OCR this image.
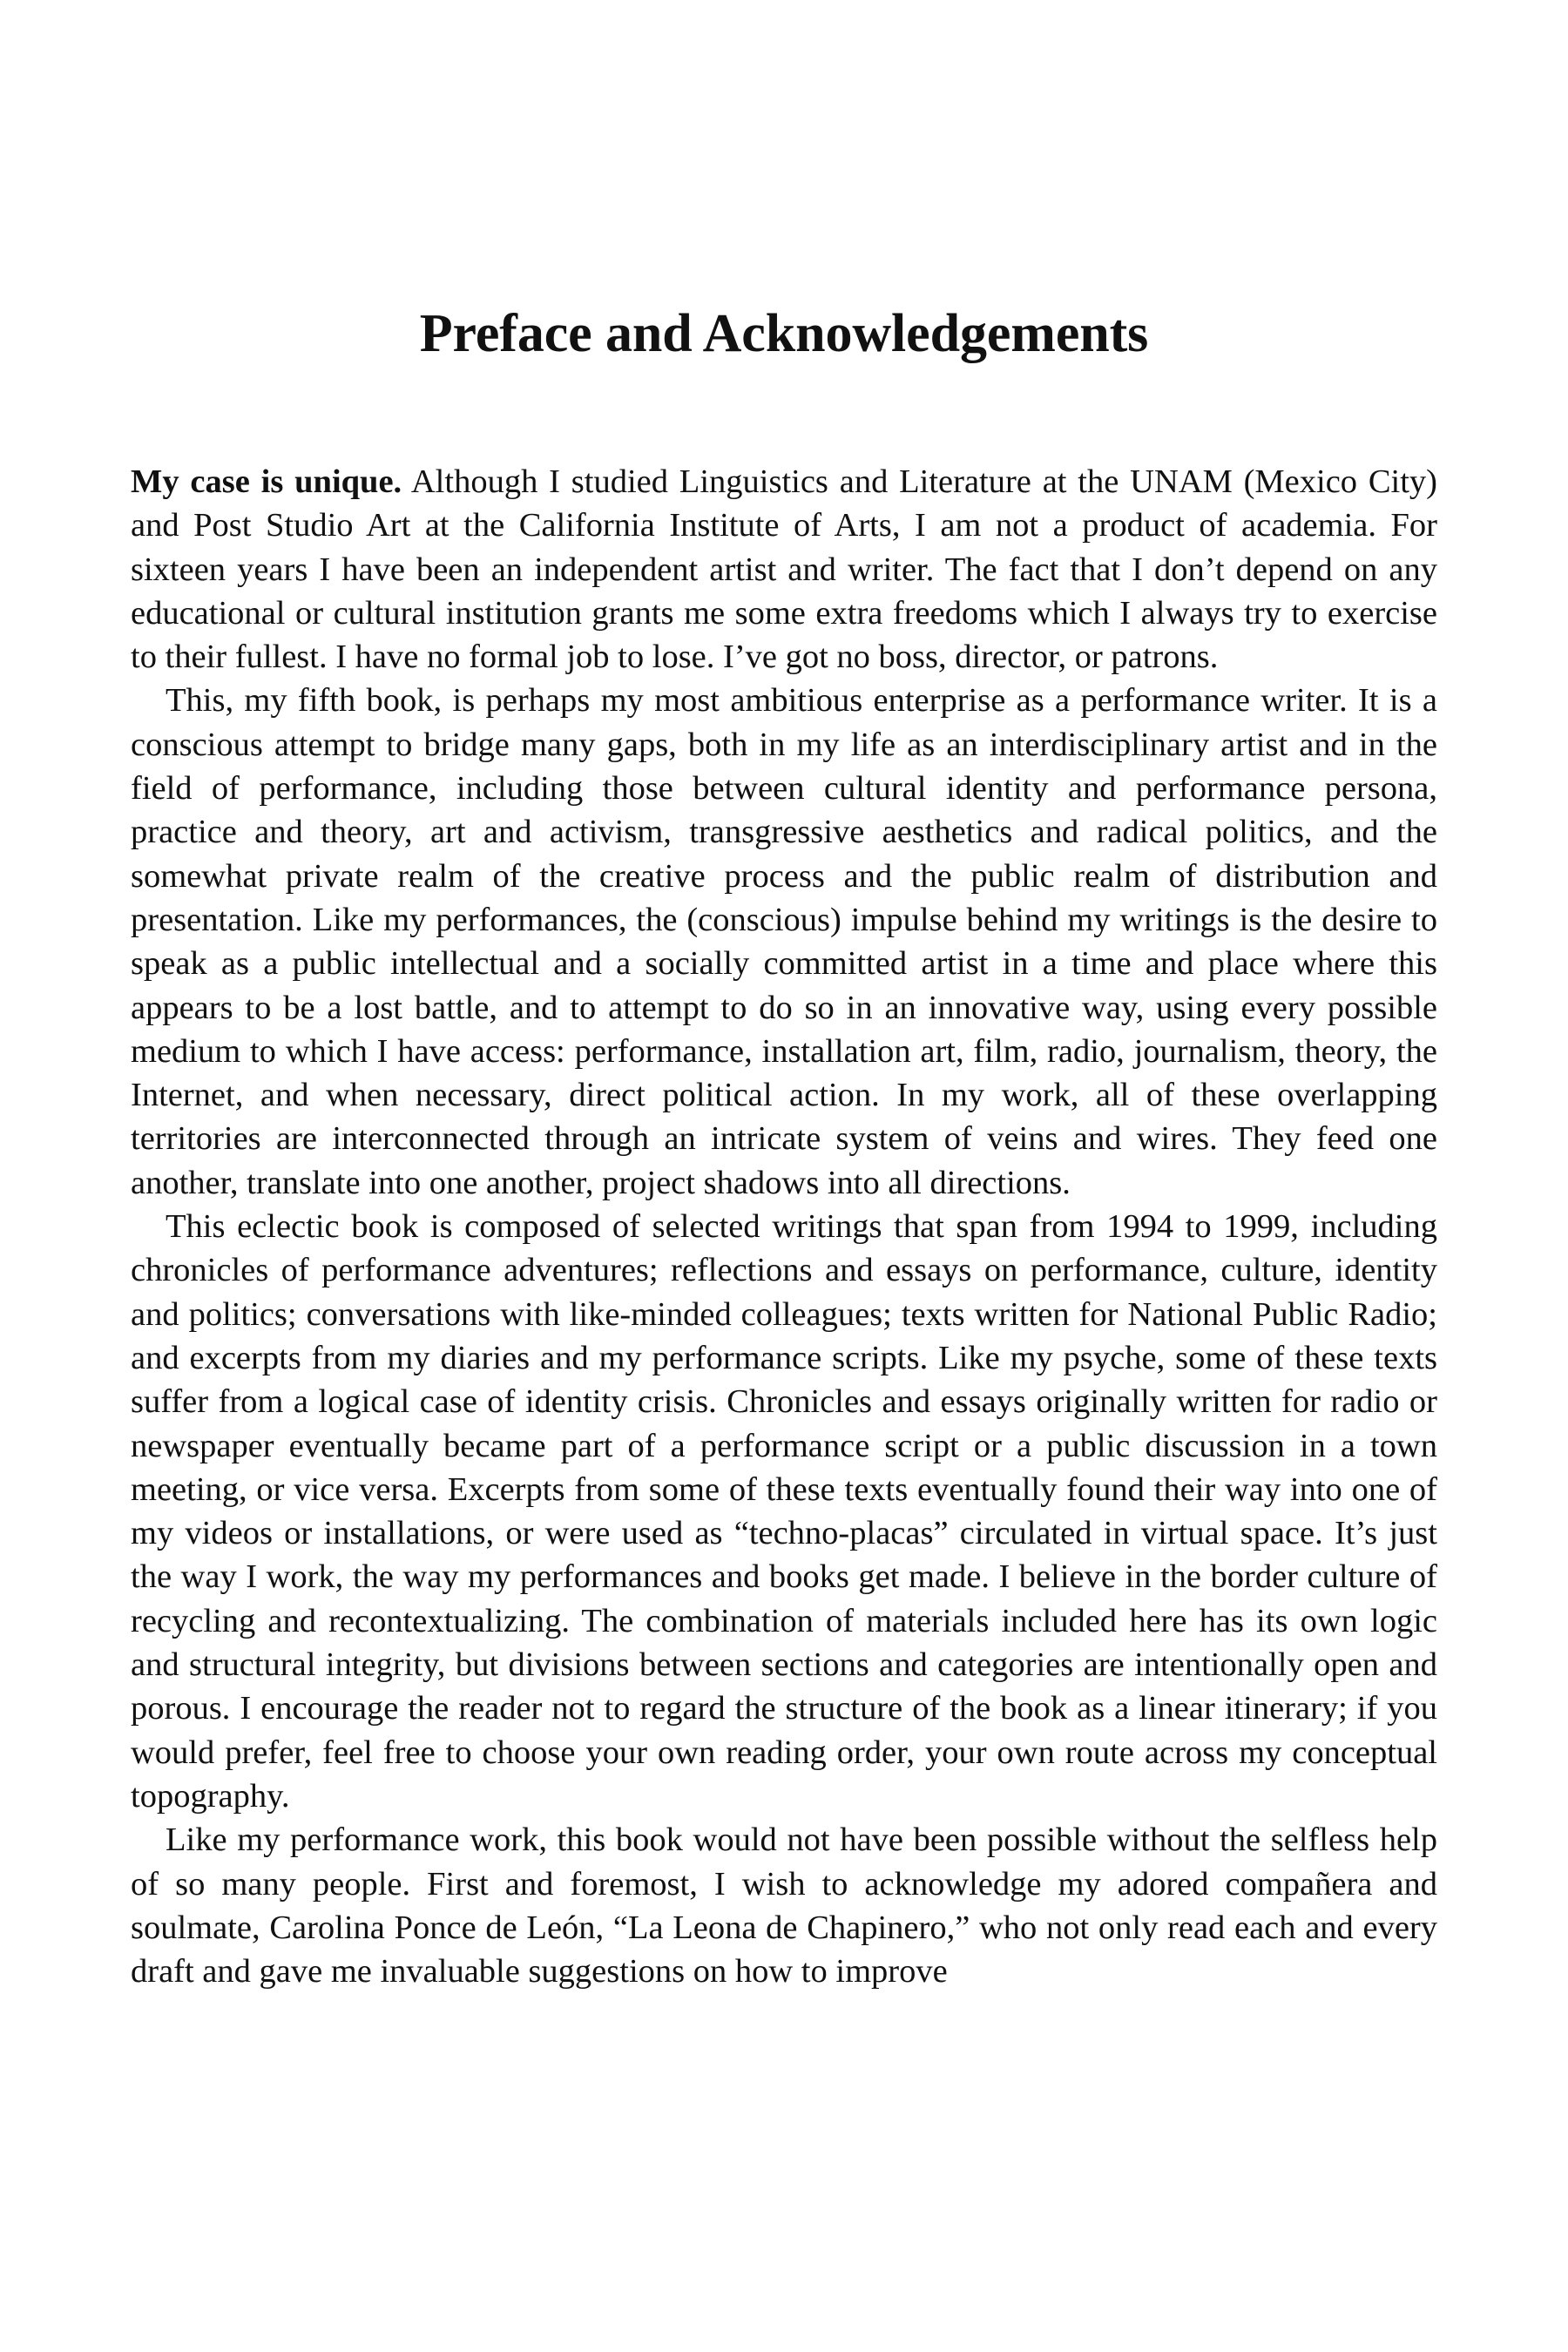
Preface and Acknowledgements

My case is unique. Although I studied Linguistics and Literature at the UNAM (Mexico City) and Post Studio Art at the California Institute of Arts, I am not a product of academia. For sixteen years I have been an independent artist and writer. The fact that I don’t depend on any educational or cultural institution grants me some extra freedoms which I always try to exercise to their fullest. I have no formal job to lose. I’ve got no boss, director, or patrons.

This, my fifth book, is perhaps my most ambitious enterprise as a performance writer. It is a conscious attempt to bridge many gaps, both in my life as an interdisciplinary artist and in the field of performance, including those between cultural identity and performance persona, practice and theory, art and activism, transgressive aesthetics and radical politics, and the somewhat private realm of the creative process and the public realm of distribution and presentation. Like my performances, the (conscious) impulse behind my writings is the desire to speak as a public intellectual and a socially committed artist in a time and place where this appears to be a lost battle, and to attempt to do so in an innovative way, using every possible medium to which I have access: performance, installation art, film, radio, journalism, theory, the Internet, and when necessary, direct political action. In my work, all of these overlapping territories are interconnected through an intricate system of veins and wires. They feed one another, translate into one another, project shadows into all directions.

This eclectic book is composed of selected writings that span from 1994 to 1999, including chronicles of performance adventures; reflections and essays on performance, culture, identity and politics; conversations with like-minded colleagues; texts written for National Public Radio; and excerpts from my diaries and my performance scripts. Like my psyche, some of these texts suffer from a logical case of identity crisis. Chronicles and essays originally written for radio or newspaper eventually became part of a performance script or a public discussion in a town meeting, or vice versa. Excerpts from some of these texts eventually found their way into one of my videos or installations, or were used as “techno-placas” circulated in virtual space. It’s just the way I work, the way my performances and books get made. I believe in the border culture of recycling and recontextualizing. The combination of materials included here has its own logic and structural integrity, but divisions between sections and categories are intentionally open and porous. I encourage the reader not to regard the structure of the book as a linear itinerary; if you would prefer, feel free to choose your own reading order, your own route across my conceptual topography.

Like my performance work, this book would not have been possible without the selfless help of so many people. First and foremost, I wish to acknowledge my adored compañera and soulmate, Carolina Ponce de León, “La Leona de Chapinero,” who not only read each and every draft and gave me invaluable suggestions on how to improve
